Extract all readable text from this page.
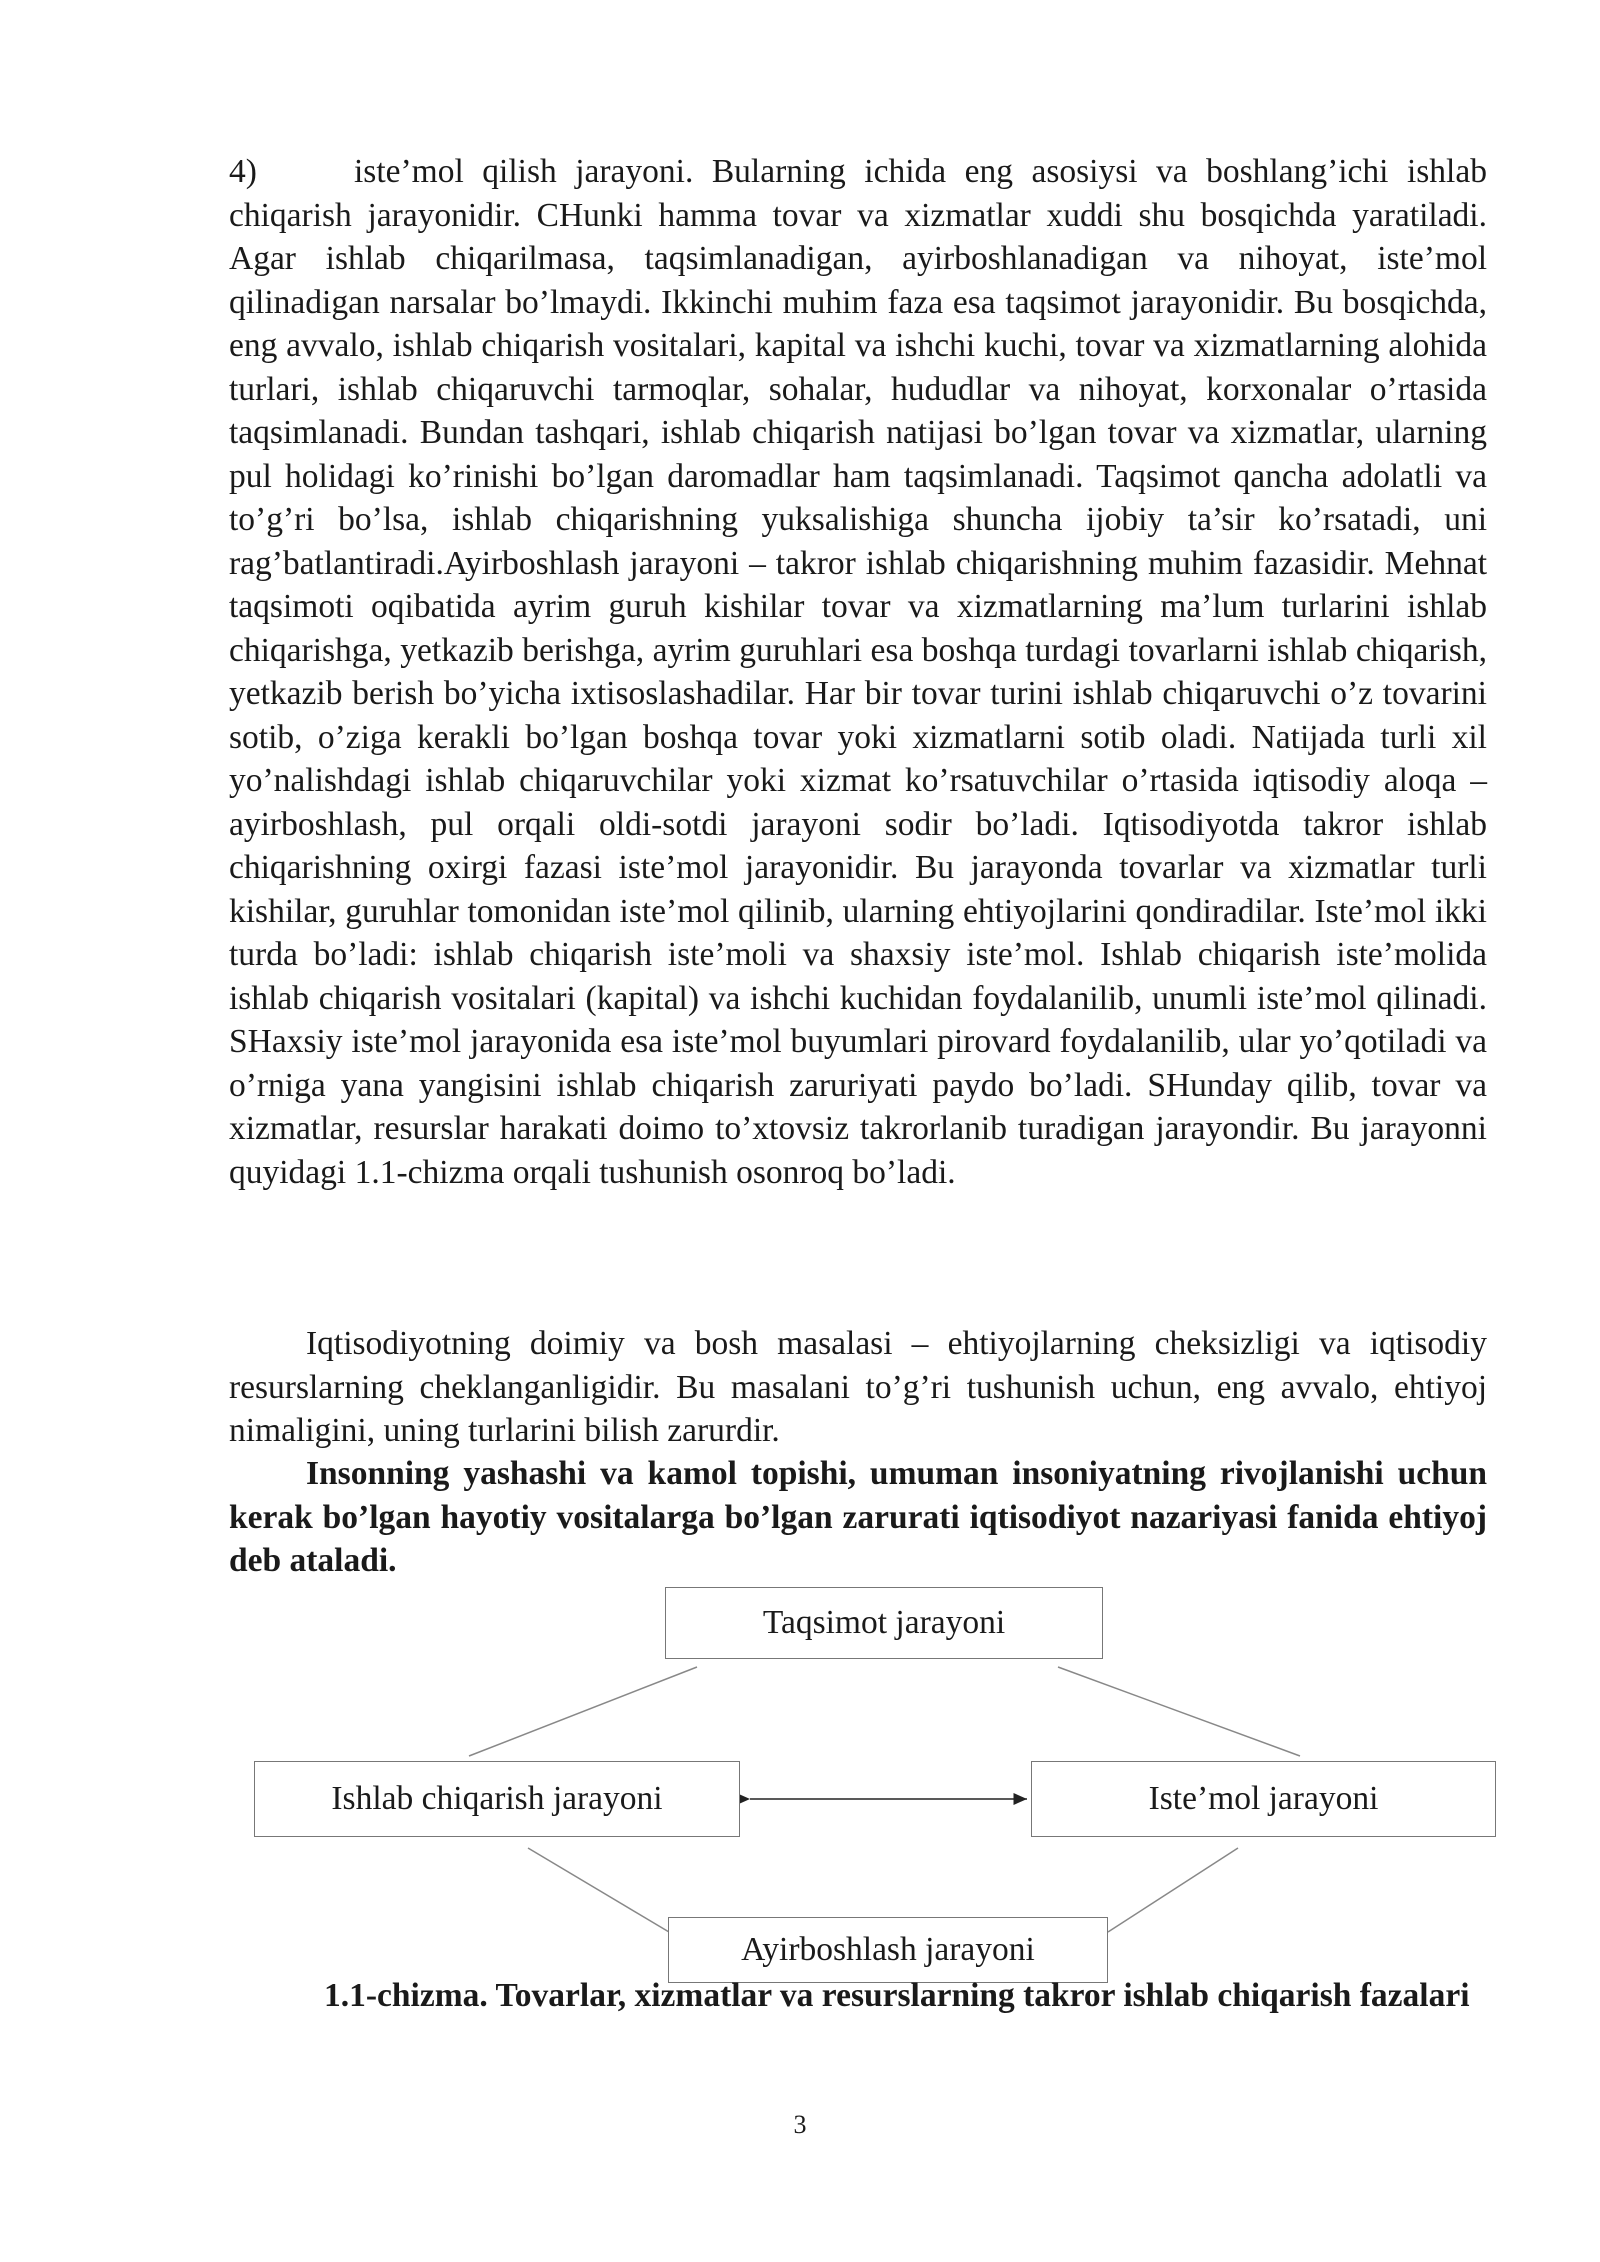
4)	iste’mol qilish jarayoni. Bularning ichida eng asosiysi va boshlang’ichi ishlab chiqarish jarayonidir. CHunki hamma tovar va xizmatlar xuddi shu bosqichda yaratiladi. Agar ishlab chiqarilmasa, taqsimlanadigan, ayirboshlanadigan va nihoyat, iste’mol qilinadigan narsalar bo’lmaydi. Ikkinchi muhim faza esa taqsimot jarayonidir. Bu bosqichda, eng avvalo, ishlab chiqarish vositalari, kapital va ishchi kuchi, tovar va xizmatlarning alohida turlari, ishlab chiqaruvchi tarmoqlar, sohalar, hududlar va nihoyat, korxonalar o’rtasida taqsimlanadi. Bundan tashqari, ishlab chiqarish natijasi bo’lgan tovar va xizmatlar, ularning pul holidagi ko’rinishi bo’lgan daromadlar ham taqsimlanadi. Taqsimot qancha adolatli va to’g’ri bo’lsa, ishlab chiqarishning yuksalishiga shuncha ijobiy ta’sir ko’rsatadi, uni rag’batlantiradi.Ayirboshlash jarayoni – takror ishlab chiqarishning muhim fazasidir. Mehnat taqsimoti oqibatida ayrim guruh kishilar tovar va xizmatlarning ma’lum turlarini ishlab chiqarishga, yetkazib berishga, ayrim guruhlari esa boshqa turdagi tovarlarni ishlab chiqarish, yetkazib berish bo’yicha ixtisoslashadilar. Har bir tovar turini ishlab chiqaruvchi o’z tovarini sotib, o’ziga kerakli bo’lgan boshqa tovar yoki xizmatlarni sotib oladi. Natijada turli xil yo’nalishdagi ishlab chiqaruvchilar yoki xizmat ko’rsatuvchilar o’rtasida iqtisodiy aloqa – ayirboshlash, pul orqali oldi-sotdi jarayoni sodir bo’ladi. Iqtisodiyotda takror ishlab chiqarishning oxirgi fazasi iste’mol jarayonidir. Bu jarayonda tovarlar va xizmatlar turli kishilar, guruhlar tomonidan iste’mol qilinib, ularning ehtiyojlarini qondiradilar. Iste’mol ikki turda bo’ladi: ishlab chiqarish iste’moli va shaxsiy iste’mol. Ishlab chiqarish iste’molida ishlab chiqarish vositalari (kapital) va ishchi kuchidan foydalanilib, unumli iste’mol qilinadi. SHaxsiy iste’mol jarayonida esa iste’mol buyumlari pirovard foydalanilib, ular yo’qotiladi va o’rniga yana yangisini ishlab chiqarish zaruriyati paydo bo’ladi. SHunday qilib, tovar va xizmatlar, resurslar harakati doimo to’xtovsiz takrorlanib turadigan jarayondir. Bu jarayonni quyidagi 1.1-chizma orqali tushunish osonroq bo’ladi.
Iqtisodiyotning doimiy va bosh masalasi – ehtiyojlarning cheksizligi va iqtisodiy resurslarning cheklanganligidir. Bu masalani to’g’ri tushunish uchun, eng avvalo, ehtiyoj nimaligini, uning turlarini bilish zarurdir.
Insonning yashashi va kamol topishi, umuman insoniyatning rivojlanishi uchun kerak bo’lgan hayotiy vositalarga bo’lgan zarurati iqtisodiyot nazariyasi fanida ehtiyoj deb ataladi.
Taqsimot jarayoni
Ishlab chiqarish jarayoni	Iste’mol jarayoni
Ayirboshlash jarayoni
1.1-chizma. Tovarlar, xizmatlar va resurslarning takror ishlab chiqarish fazalari
3
